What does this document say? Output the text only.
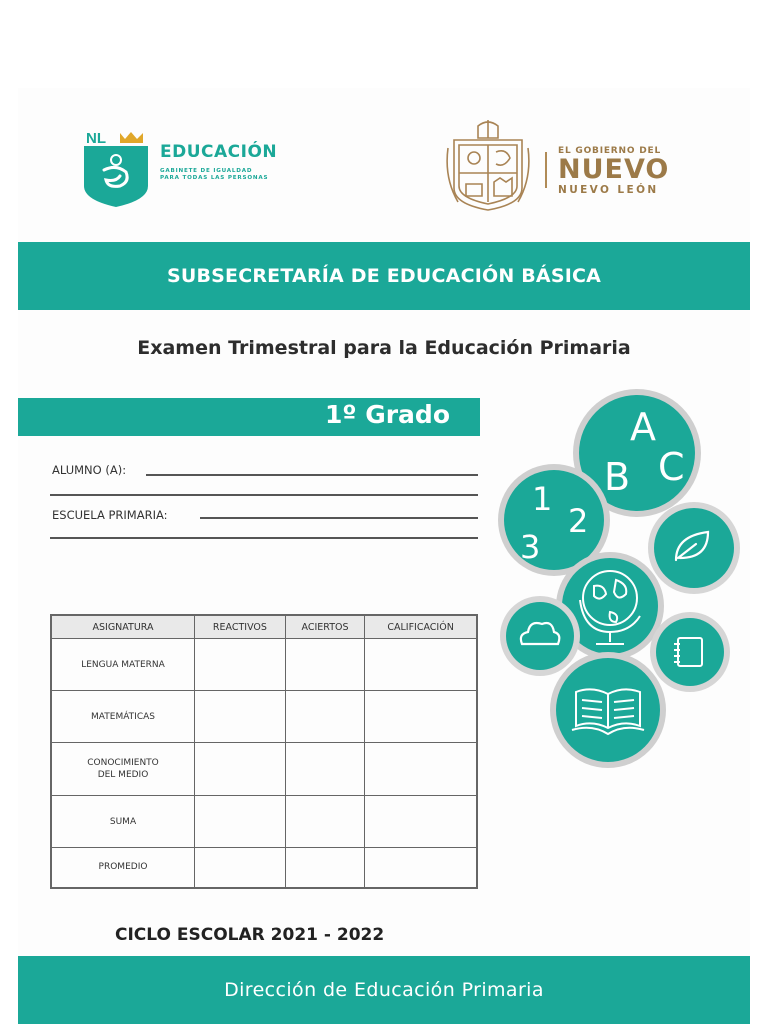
NL
EDUCACIÓN
GABINETE DE IGUALDAD
PARA TODAS LAS PERSONAS
EL GOBIERNO DEL
NUEVO
NUEVO LEÓN
SUBSECRETARÍA DE EDUCACIÓN BÁSICA
Examen Trimestral para la Educación Primaria
1º Grado
ALUMNO (A):
ESCUELA PRIMARIA:
ASIGNATURA	REACTIVOS	ACIERTOS	CALIFICACIÓN
LENGUA MATERNA			
MATEMÁTICAS			

CONOCIMIENTO
DEL MEDIO			

SUMA			
PROMEDIO			
A
B C
1
2
3
CICLO ESCOLAR 2021 - 2022
Dirección de Educación Primaria
